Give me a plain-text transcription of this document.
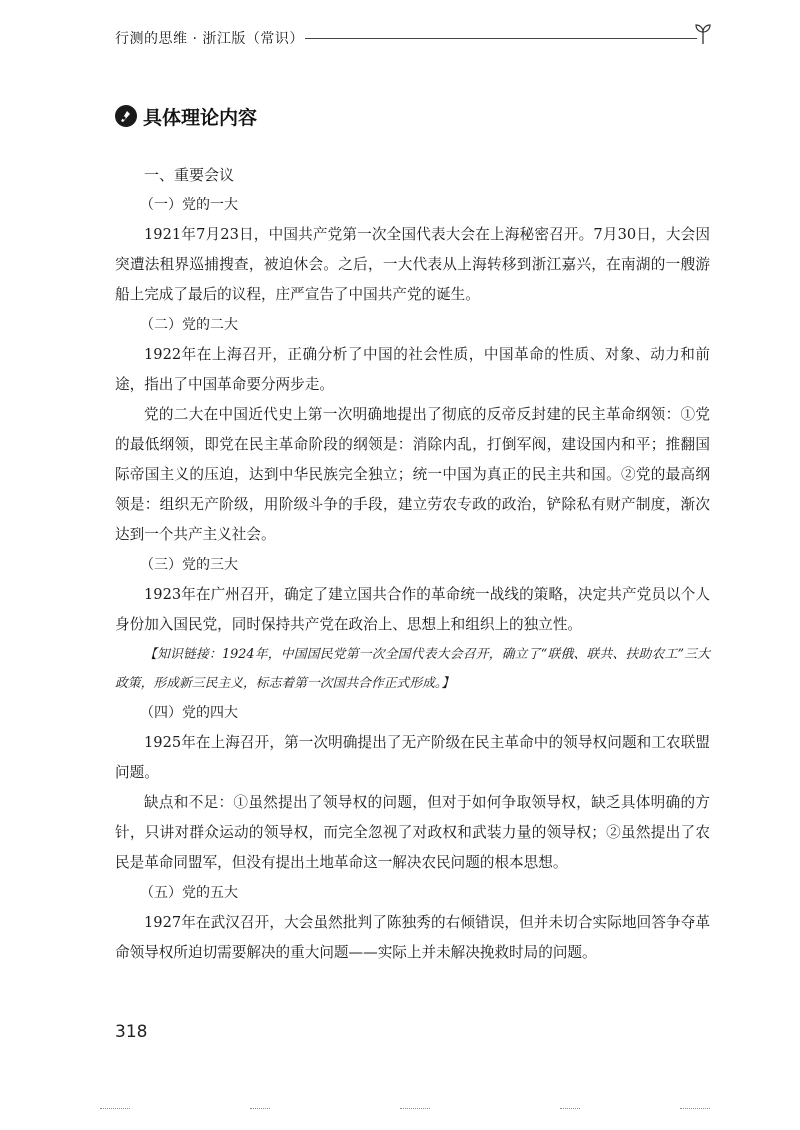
行测的思维 · 浙江版（常识）
具体理论内容

一、重要会议

（一）党的一大

1921年7月23日，中国共产党第一次全国代表大会在上海秘密召开。7月30日，大会因突遭法租界巡捕搜查，被迫休会。之后，一大代表从上海转移到浙江嘉兴，在南湖的一艘游船上完成了最后的议程，庄严宣告了中国共产党的诞生。

（二）党的二大

1922年在上海召开，正确分析了中国的社会性质，中国革命的性质、对象、动力和前途，指出了中国革命要分两步走。

党的二大在中国近代史上第一次明确地提出了彻底的反帝反封建的民主革命纲领：①党的最低纲领，即党在民主革命阶段的纲领是：消除内乱，打倒军阀，建设国内和平；推翻国际帝国主义的压迫，达到中华民族完全独立；统一中国为真正的民主共和国。②党的最高纲领是：组织无产阶级，用阶级斗争的手段，建立劳农专政的政治，铲除私有财产制度，渐次达到一个共产主义社会。

（三）党的三大

1923年在广州召开，确定了建立国共合作的革命统一战线的策略，决定共产党员以个人身份加入国民党，同时保持共产党在政治上、思想上和组织上的独立性。

【知识链接：1924年，中国国民党第一次全国代表大会召开，确立了“联俄、联共、扶助农工”三大政策，形成新三民主义，标志着第一次国共合作正式形成。】

（四）党的四大

1925年在上海召开，第一次明确提出了无产阶级在民主革命中的领导权问题和工农联盟问题。

缺点和不足：①虽然提出了领导权的问题，但对于如何争取领导权，缺乏具体明确的方针，只讲对群众运动的领导权，而完全忽视了对政权和武装力量的领导权；②虽然提出了农民是革命同盟军，但没有提出土地革命这一解决农民问题的根本思想。

（五）党的五大

1927年在武汉召开，大会虽然批判了陈独秀的右倾错误，但并未切合实际地回答争夺革命领导权所迫切需要解决的重大问题——实际上并未解决挽救时局的问题。

318
